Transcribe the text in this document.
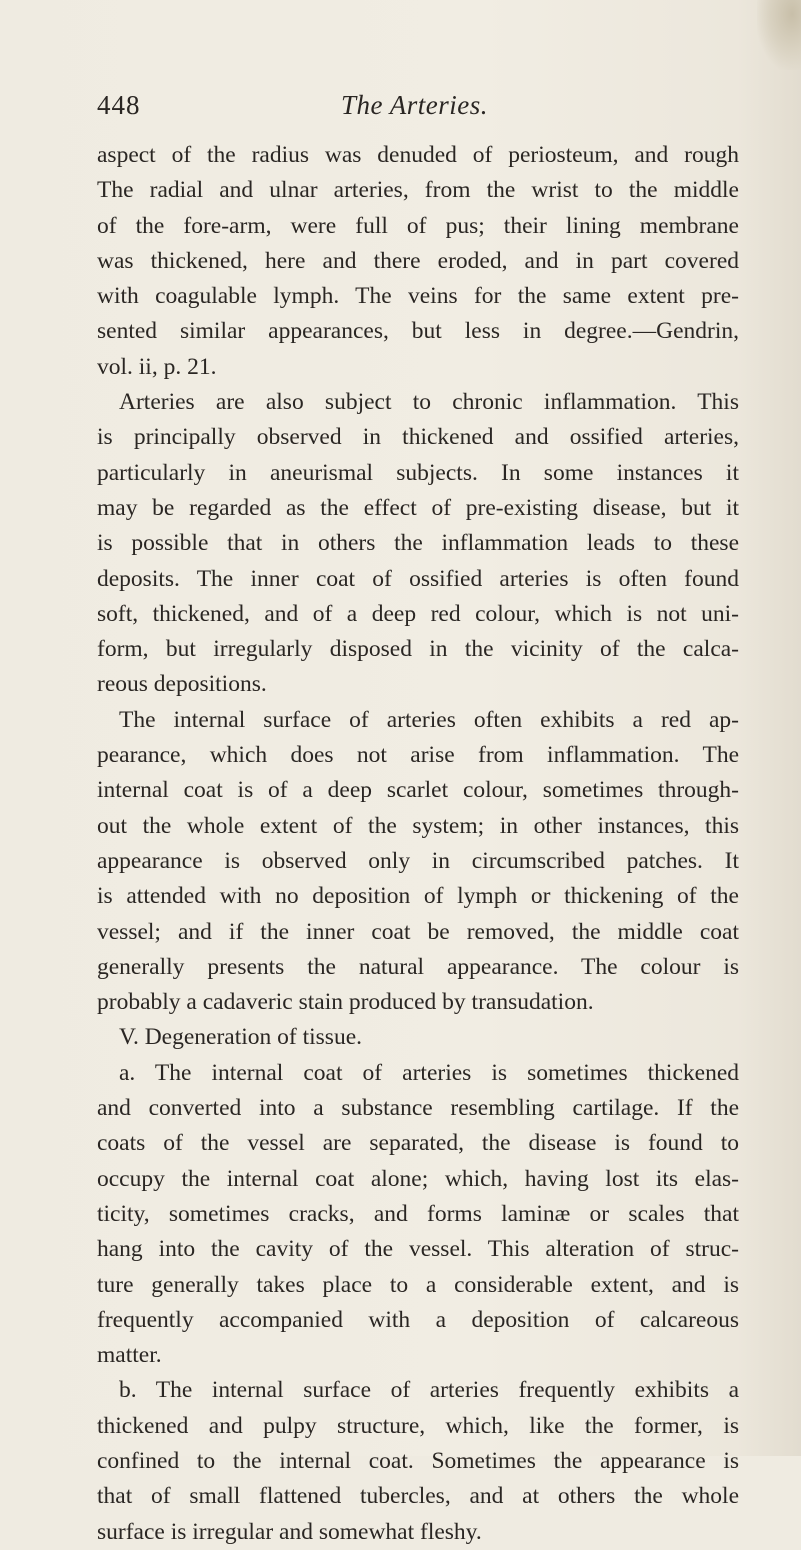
448	The Arteries.
aspect of the radius was denuded of periosteum, and rough
The radial and ulnar arteries, from the wrist to the middle
of the fore-arm, were full of pus; their lining membrane
was thickened, here and there eroded, and in part covered
with coagulable lymph. The veins for the same extent pre-
sented similar appearances, but less in degree.—Gendrin,
vol. ii, p. 21.
Arteries are also subject to chronic inflammation. This
is principally observed in thickened and ossified arteries,
particularly in aneurismal subjects. In some instances it
may be regarded as the effect of pre-existing disease, but it
is possible that in others the inflammation leads to these
deposits. The inner coat of ossified arteries is often found
soft, thickened, and of a deep red colour, which is not uni-
form, but irregularly disposed in the vicinity of the calca-
reous depositions.
The internal surface of arteries often exhibits a red ap-
pearance, which does not arise from inflammation. The
internal coat is of a deep scarlet colour, sometimes through-
out the whole extent of the system; in other instances, this
appearance is observed only in circumscribed patches. It
is attended with no deposition of lymph or thickening of the
vessel; and if the inner coat be removed, the middle coat
generally presents the natural appearance. The colour is
probably a cadaveric stain produced by transudation.
V. Degeneration of tissue.
a. The internal coat of arteries is sometimes thickened
and converted into a substance resembling cartilage. If the
coats of the vessel are separated, the disease is found to
occupy the internal coat alone; which, having lost its elas-
ticity, sometimes cracks, and forms laminæ or scales that
hang into the cavity of the vessel. This alteration of struc-
ture generally takes place to a considerable extent, and is
frequently accompanied with a deposition of calcareous
matter.
b. The internal surface of arteries frequently exhibits a
thickened and pulpy structure, which, like the former, is
confined to the internal coat. Sometimes the appearance is
that of small flattened tubercles, and at others the whole
surface is irregular and somewhat fleshy.
